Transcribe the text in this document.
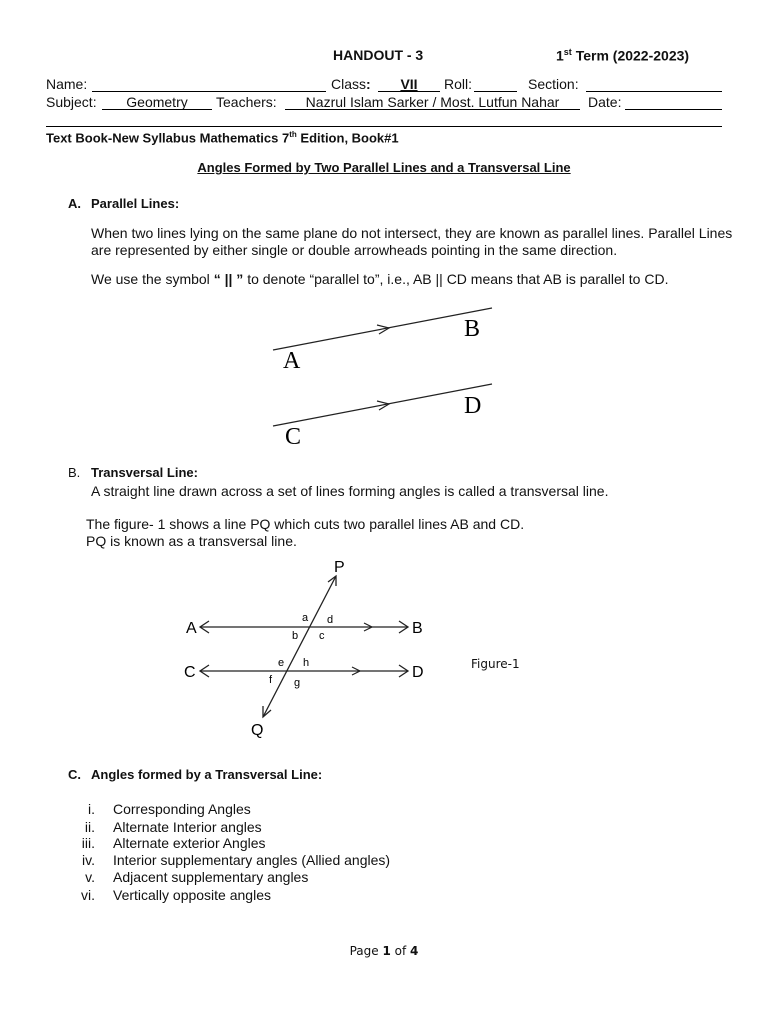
HANDOUT - 3	1st Term (2022-2023)
Name:	Class:	VII	Roll:	Section:
Subject:	Geometry	Teachers:	Nazrul Islam Sarker / Most. Lutfun Nahar	Date:
Text Book-New Syllabus Mathematics 7th Edition, Book#1
Angles Formed by Two Parallel Lines and a Transversal Line
A. Parallel Lines:
When two lines lying on the same plane do not intersect, they are known as parallel lines. Parallel Lines
are represented by either single or double arrowheads pointing in the same direction.
We use the symbol “ || ” to denote “parallel to”, i.e., AB || CD means that AB is parallel to CD.
A
B
C
D
B. Transversal Line:
A straight line drawn across a set of lines forming angles is called a transversal line.
The figure- 1 shows a line PQ which cuts two parallel lines AB and CD.
PQ is known as a transversal line.
P
Q
A	B
C	D
a d
b c
e h
f g
Figure-1
C. Angles formed by a Transversal Line:
i. Corresponding Angles
ii. Alternate Interior angles
iii. Alternate exterior Angles
iv. Interior supplementary angles (Allied angles)
v. Adjacent supplementary angles
vi. Vertically opposite angles
Page 1 of 4
